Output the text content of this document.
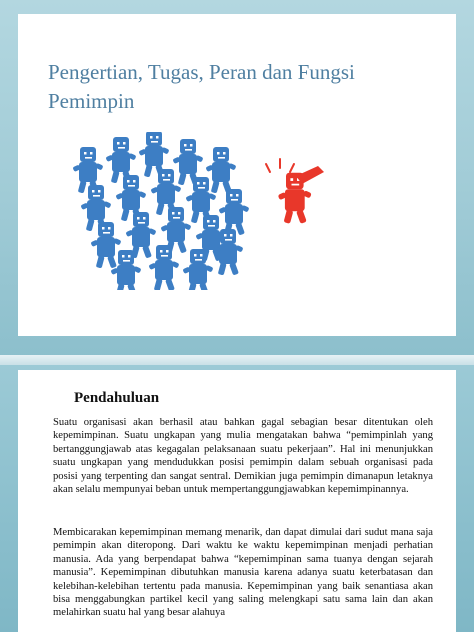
Pengertian, Tugas, Peran dan Fungsi Pemimpin
Pendahuluan

Suatu organisasi akan berhasil atau bahkan gagal sebagian besar ditentukan oleh kepemimpinan. Suatu ungkapan yang mulia mengatakan bahwa “pemimpinlah yang bertanggungjawab atas kegagalan pelaksanaan suatu pekerjaan”. Hal ini menunjukkan suatu ungkapan yang mendudukkan posisi pemimpin dalam sebuah organisasi pada posisi yang terpenting dan sangat sentral. Demikian juga pemimpin dimanapun letaknya akan selalu mempunyai beban untuk mempertanggungjawabkan kepemimpinannya.

Membicarakan kepemimpinan memang menarik, dan dapat dimulai dari sudut mana saja pemimpin akan diteropong. Dari waktu ke waktu kepemimpinan menjadi perhatian manusia. Ada yang berpendapat bahwa “kepemimpinan sama tuanya dengan sejarah manusia”. Kepemimpinan dibutuhkan manusia karena adanya suatu keterbatasan dan kelebihan-kelebihan tertentu pada manusia. Kepemimpinan yang baik senantiasa akan bisa menggabungkan partikel kecil yang saling melengkapi satu sama lain dan akan melahirkan suatu hal yang besar alahuya
